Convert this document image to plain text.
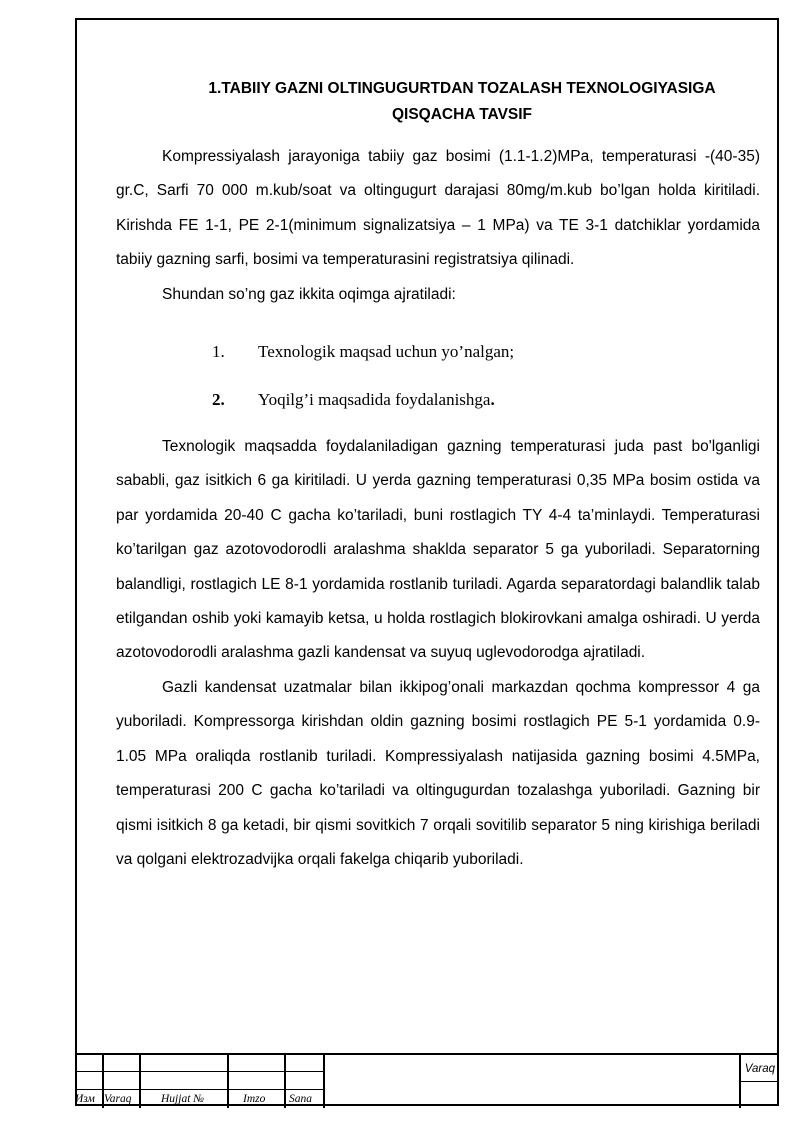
1.TABIIY GAZNI OLTINGUGURTDAN TOZALASH TEXNOLOGIYASIGA
QISQACHA TAVSIF

Kompressiyalash jarayoniga tabiiy gaz bosimi (1.1-1.2)MPa, temperaturasi -(40-35) gr.C, Sarfi 70 000 m.kub/soat va oltingugurt darajasi 80mg/m.kub bo’lgan holda kiritiladi. Kirishda FE 1-1, PE 2-1(minimum signalizatsiya – 1 MPa) va TE 3-1 datchiklar yordamida tabiiy gazning sarfi, bosimi va temperaturasini registratsiya qilinadi.

Shundan so’ng gaz ikkita oqimga ajratiladi:

1.	Texnologik maqsad uchun yo’nalgan;
2.	Yoqilg’i maqsadida foydalanishga .

Texnologik maqsadda foydalaniladigan gazning temperaturasi juda past bo'lganligi sababli, gaz isitkich 6 ga kiritiladi. U yerda gazning temperaturasi 0,35 MPa bosim ostida va par yordamida 20-40 C gacha ko’tariladi, buni rostlagich TY 4-4 ta’minlaydi. Temperaturasi ko’tarilgan gaz azotovodorodli aralashma shaklda separator 5 ga yuboriladi. Separatorning balandligi, rostlagich LE 8-1 yordamida rostlanib turiladi. Agarda separatordagi balandlik talab etilgandan oshib yoki kamayib ketsa, u holda rostlagich blokirovkani amalga oshiradi. U yerda azotovodorodli aralashma gazli kandensat va suyuq uglevodorodga ajratiladi.

Gazli kandensat uzatmalar bilan ikkipog’onali markazdan qochma kompressor 4 ga yuboriladi. Kompressorga kirishdan oldin gazning bosimi rostlagich PE 5-1 yordamida 0.9-1.05 MPa oraliqda rostlanib turiladi. Kompressiyalash natijasida gazning bosimi 4.5MPa, temperaturasi 200 C gacha ko’tariladi va oltingugurdan tozalashga yuboriladi. Gazning bir qismi isitkich 8 ga ketadi, bir qismi sovitkich 7 orqali sovitilib separator 5 ning kirishiga beriladi va qolgani elektrozadvijka orqali fakelga chiqarib yuboriladi.

Изм Varaq	Hujjat №	Imzo Sana
Varaq
